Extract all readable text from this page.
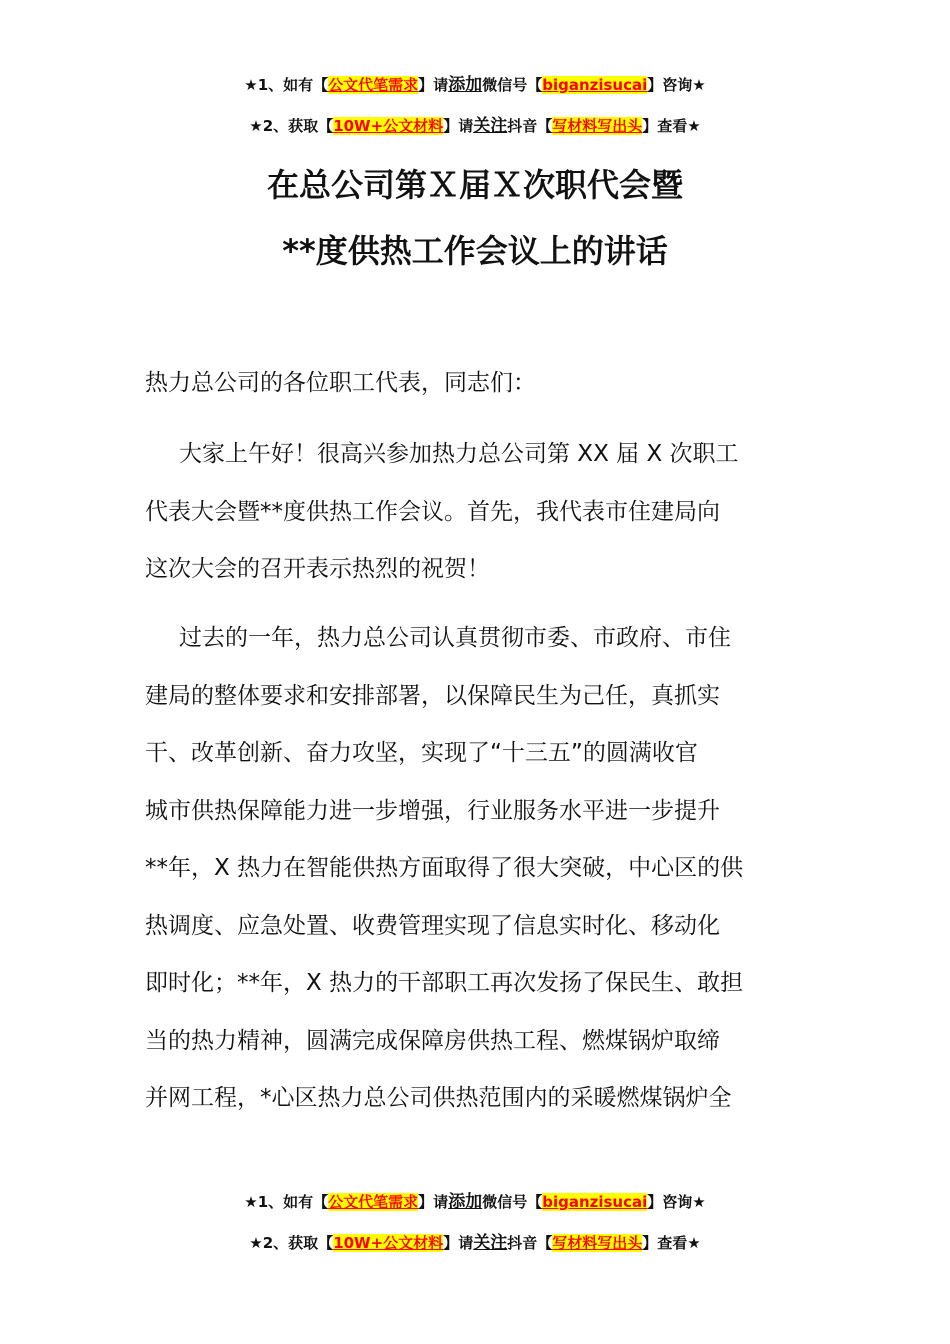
★1、如有【公文代笔需求】请添加微信号【biganzisucai】咨询★
★2、获取【10W+公文材料】请关注抖音【写材料写出头】查看★
在总公司第Ｘ届Ｘ次职代会暨
**度供热工作会议上的讲话
热力总公司的各位职工代表，同志们：
大家上午好！很高兴参加热力总公司第 XX 届 X 次职工
代表大会暨**度供热工作会议。首先，我代表市住建局向
这次大会的召开表示热烈的祝贺！
过去的一年，热力总公司认真贯彻市委、市政府、市住
建局的整体要求和安排部署，以保障民生为己任，真抓实
干、改革创新、奋力攻坚，实现了“十三五”的圆满收官
城市供热保障能力进一步增强，行业服务水平进一步提升
**年，X 热力在智能供热方面取得了很大突破，中心区的供
热调度、应急处置、收费管理实现了信息实时化、移动化
即时化；**年，X 热力的干部职工再次发扬了保民生、敢担
当的热力精神，圆满完成保障房供热工程、燃煤锅炉取缔
并网工程，*心区热力总公司供热范围内的采暖燃煤锅炉全
★1、如有【公文代笔需求】请添加微信号【biganzisucai】咨询★
★2、获取【10W+公文材料】请关注抖音【写材料写出头】查看★
